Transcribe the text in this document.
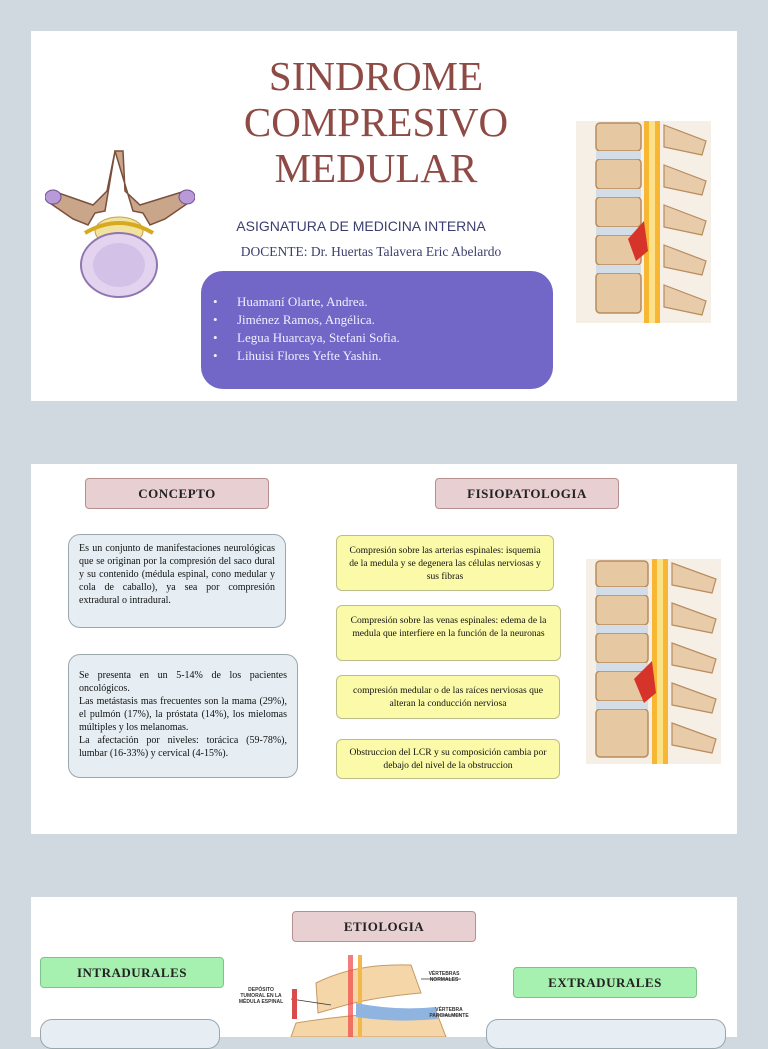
SINDROME
COMPRESIVO
MEDULAR
ASIGNATURA DE MEDICINA INTERNA
DOCENTE: Dr. Huertas Talavera Eric Abelardo
• Huamaní Olarte, Andrea.
• Jiménez Ramos, Angélica.
• Legua Huarcaya, Stefani Sofia.
• Lihuisi Flores Yefte Yashin.
CONCEPTO	FISIOPATOLOGIA
Es un conjunto de manifestaciones neurológicas que se originan por la compresión del saco dural y su contenido (médula espinal, cono medular y cola de caballo), ya sea por compresión extradural o intradural.
Se presenta en un 5-14% de los pacientes oncológicos.
Las metástasis mas frecuentes son la mama (29%), el pulmón (17%), la próstata (14%), los mielomas múltiples y los melanomas.
La afectación por niveles: torácica (59-78%), lumbar (16-33%) y cervical (4-15%).
Compresión sobre las arterias espinales: isquemia de la medula y se degenera las células nerviosas y sus fibras
Compresión sobre las venas espinales: edema de la medula que interfiere en la función de la neuronas
compresión medular o de las raíces nerviosas que alteran la conducción nerviosa
Obstruccion del LCR y su composición cambia por debajo del nivel de la obstruccion
ETIOLOGIA
INTRADURALES
EXTRADURALES
DEPÓSITO TUMORAL EN LA MÉDULA ESPINAL
VÉRTEBRAS NORMALES
VÉRTEBRA PARCIALMENTE
